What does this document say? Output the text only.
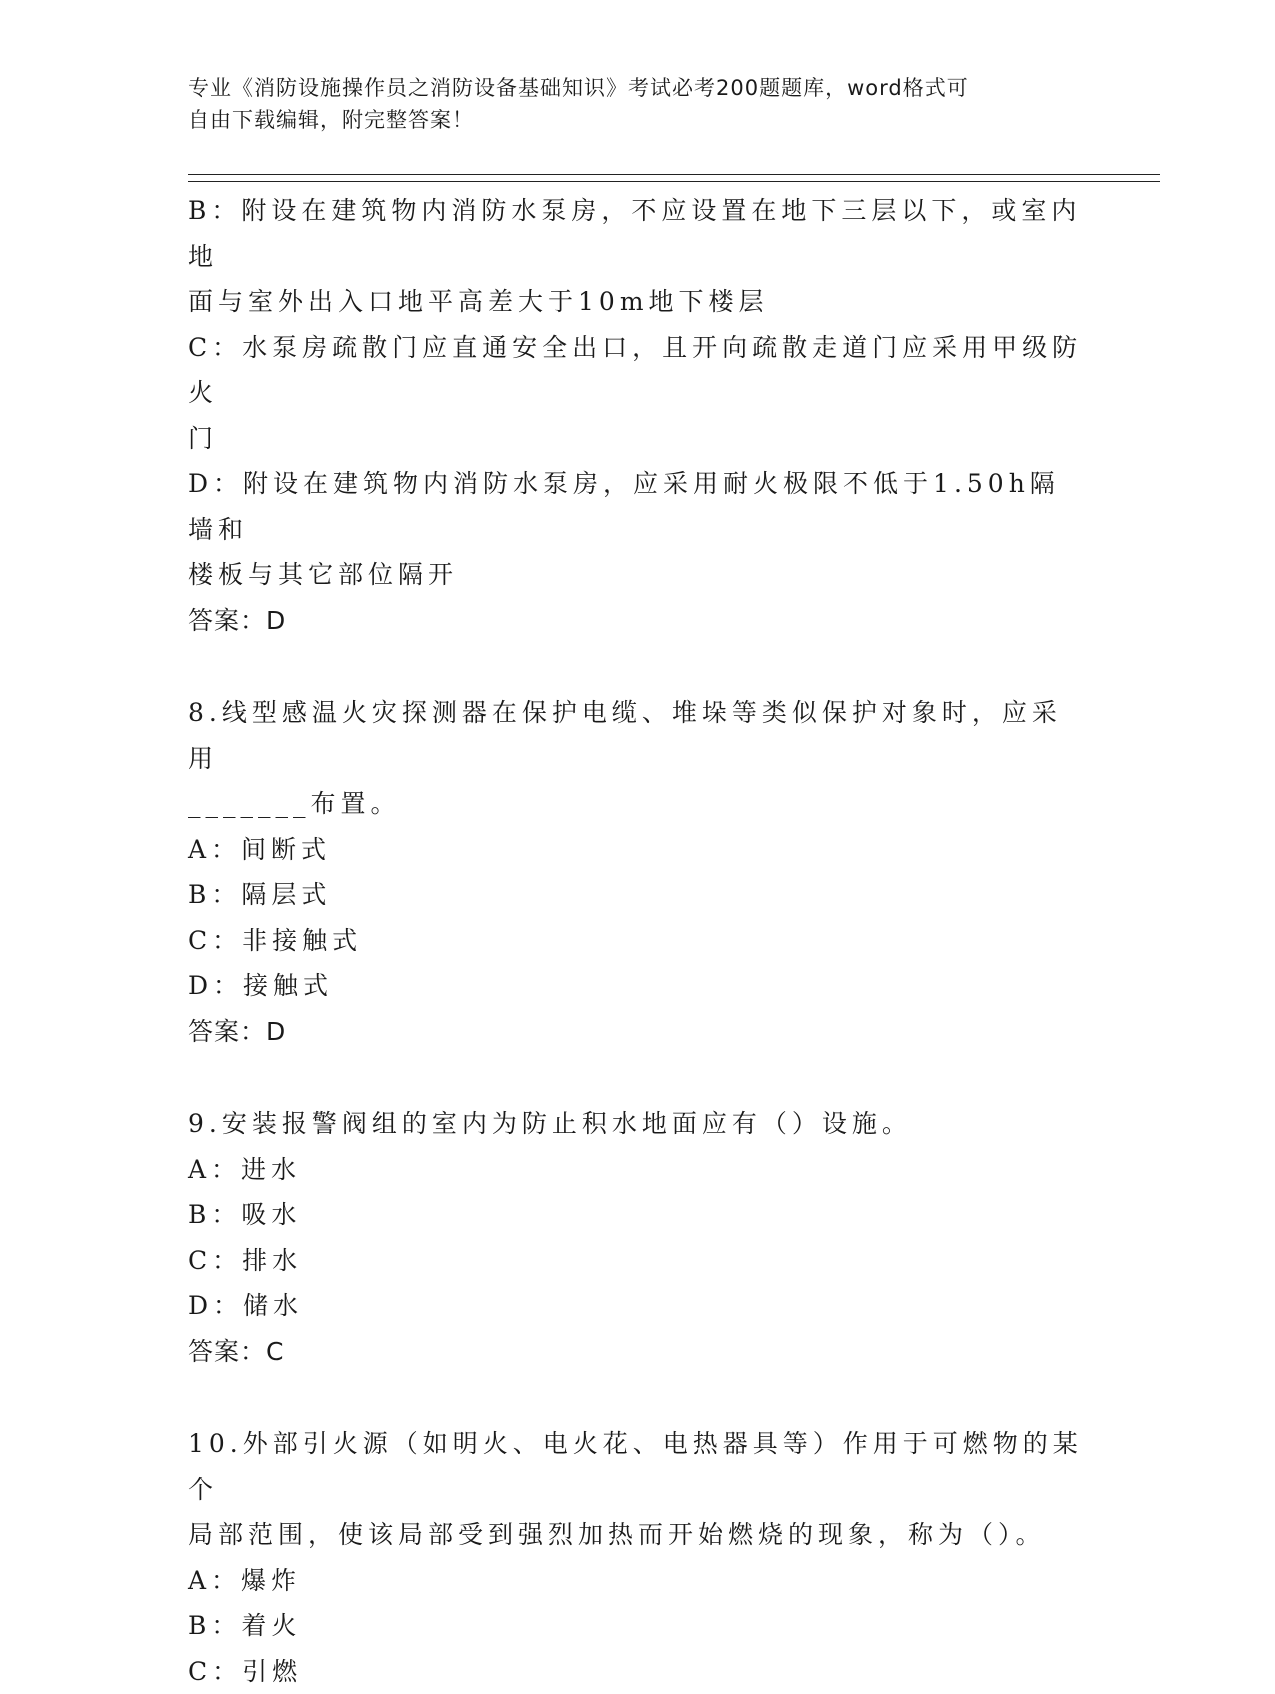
专业《消防设施操作员之消防设备基础知识》考试必考200题题库，word格式可
自由下载编辑，附完整答案！
B：附设在建筑物内消防水泵房，不应设置在地下三层以下，或室内地
面与室外出入口地平高差大于10m地下楼层
C：水泵房疏散门应直通安全出口，且开向疏散走道门应采用甲级防火
门
D：附设在建筑物内消防水泵房，应采用耐火极限不低于1.50h隔墙和
楼板与其它部位隔开
答案：D
8.线型感温火灾探测器在保护电缆、堆垛等类似保护对象时，应采用
_______布置。
A：间断式
B：隔层式
C：非接触式
D：接触式
答案：D
9.安装报警阀组的室内为防止积水地面应有（）设施。
A：进水
B：吸水
C：排水
D：储水
答案：C
10.外部引火源（如明火、电火花、电热器具等）作用于可燃物的某个
局部范围，使该局部受到强烈加热而开始燃烧的现象，称为（）。
A：爆炸
B：着火
C：引燃
